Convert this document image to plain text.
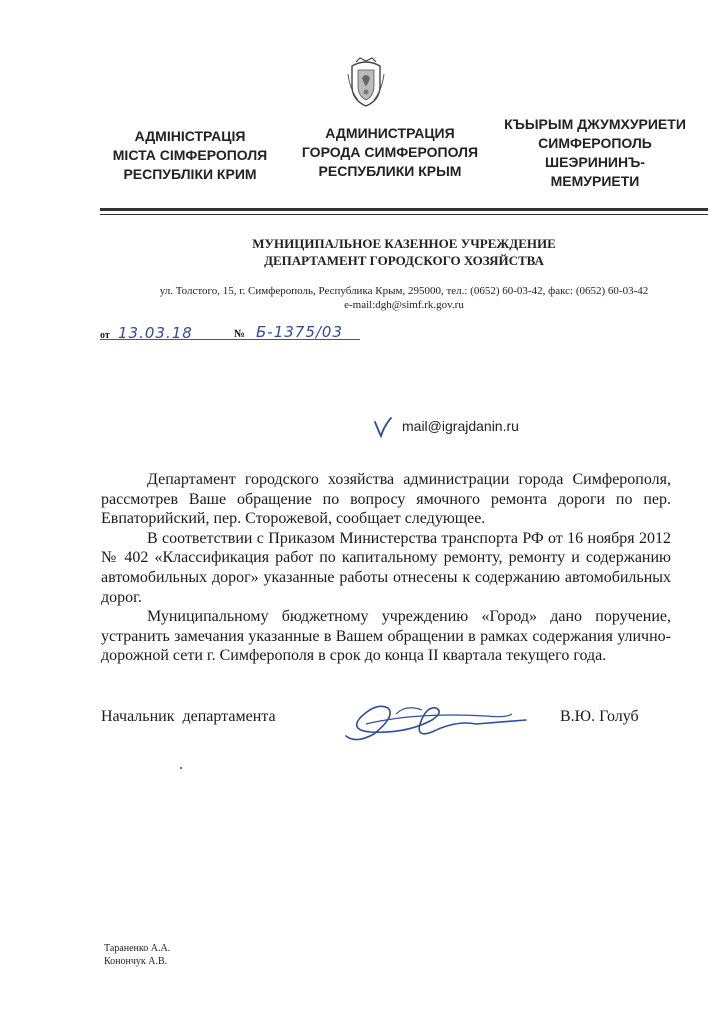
АДМІНІСТРАЦІЯ
МІСТА СІМФЕРОПОЛЯ
РЕСПУБЛІКИ КРИМ
АДМИНИСТРАЦИЯ
ГОРОДА СИМФЕРОПОЛЯ
РЕСПУБЛИКИ КРЫМ
КЪЫРЫМ ДЖУМХУРИЕТИ
СИМФЕРОПОЛЬ
ШЕЭРИНИНЪ-
МЕМУРИЕТИ
МУНИЦИПАЛЬНОЕ КАЗЕННОЕ УЧРЕЖДЕНИЕ
ДЕПАРТАМЕНТ ГОРОДСКОГО ХОЗЯЙСТВА
ул. Толстого, 15, г. Симферополь, Республика Крым, 295000, тел.: (0652) 60-03-42, факс: (0652) 60-03-42
e-mail:dgh@simf.rk.gov.ru
от 13.03.18	№ Б-1375/03
mail@igrajdanin.ru

Департамент городского хозяйства администрации города Симферополя, рассмотрев Ваше обращение по вопросу ямочного ремонта дороги по пер. Евпаторийский, пер. Сторожевой, сообщает следующее.

В соответствии с Приказом Министерства транспорта РФ от 16 ноября 2012 № 402 «Классификация работ по капитальному ремонту, ремонту и содержанию автомобильных дорог» указанные работы отнесены к содержанию автомобильных дорог.

Муниципальному бюджетному учреждению «Город» дано поручение, устранить замечания указанные в Вашем обращении в рамках содержания улично-дорожной сети г. Симферополя в срок до конца II квартала текущего года.

Начальник  департамента	В.Ю. Голуб
Тараненко А.А.
Конончук А.В.
